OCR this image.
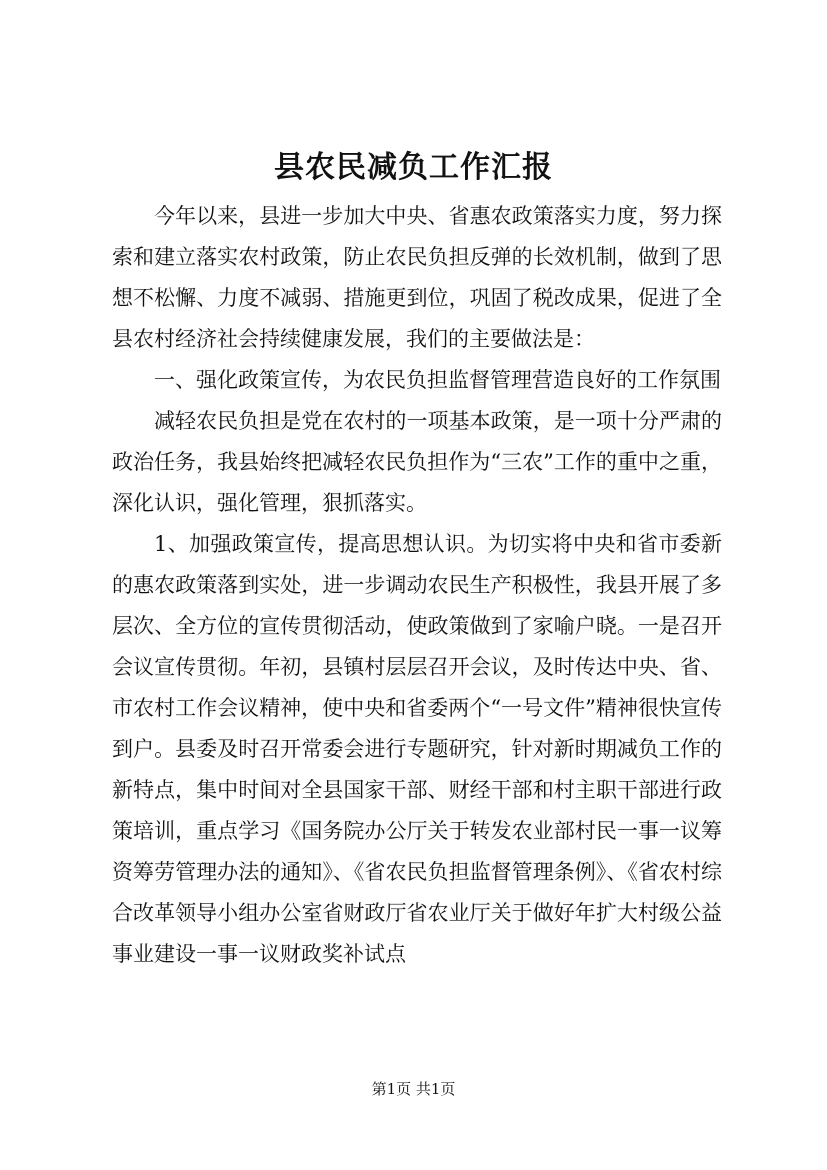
县农民减负工作汇报

今年以来，县进一步加大中央、省惠农政策落实力度，努力探索和建立落实农村政策，防止农民负担反弹的长效机制，做到了思想不松懈、力度不减弱、措施更到位，巩固了税改成果，促进了全县农村经济社会持续健康发展，我们的主要做法是：

一、强化政策宣传，为农民负担监督管理营造良好的工作氛围

减轻农民负担是党在农村的一项基本政策，是一项十分严肃的政治任务，我县始终把减轻农民负担作为“三农”工作的重中之重，深化认识，强化管理，狠抓落实。

1、加强政策宣传，提高思想认识。为切实将中央和省市委新的惠农政策落到实处，进一步调动农民生产积极性，我县开展了多层次、全方位的宣传贯彻活动，使政策做到了家喻户晓。一是召开会议宣传贯彻。年初，县镇村层层召开会议，及时传达中央、省、市农村工作会议精神，使中央和省委两个“一号文件”精神很快宣传到户。县委及时召开常委会进行专题研究，针对新时期减负工作的新特点，集中时间对全县国家干部、财经干部和村主职干部进行政策培训，重点学习《国务院办公厅关于转发农业部村民一事一议筹资筹劳管理办法的通知》、《省农民负担监督管理条例》、《省农村综合改革领导小组办公室省财政厅省农业厅关于做好年扩大村级公益事业建设一事一议财政奖补试点

第1页 共1页
